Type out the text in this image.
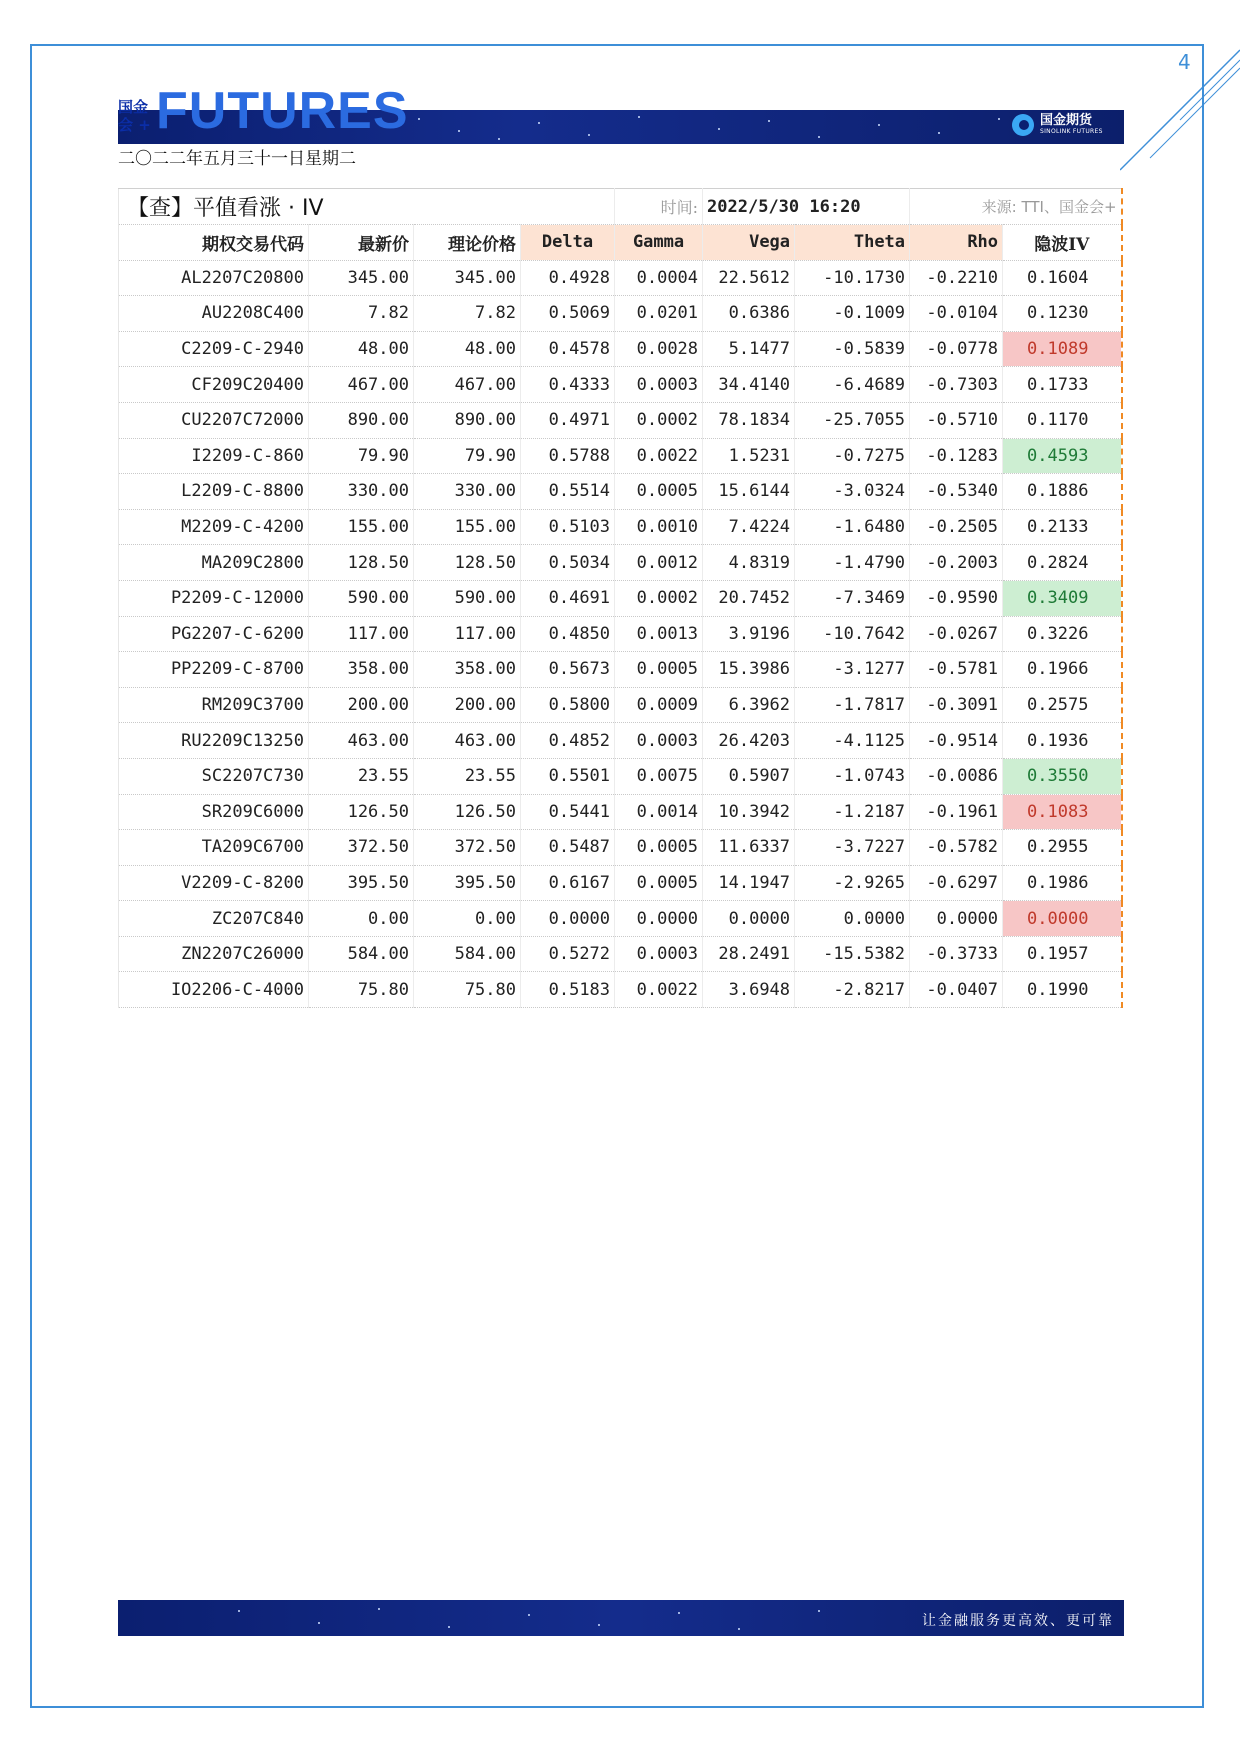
4
国金
会 + FUTURES	国金期货
SINOLINK FUTURES
二〇二二年五月三十一日星期二
【查】平值看涨 · IV				时间:	2022/5/30 16:20		来源: TTI、国金会+	
期权交易代码	最新价	理论价格	Delta	Gamma	Vega	Theta	Rho	隐波IV
AL2207C20800	345.00	345.00	0.4928	0.0004	22.5612	-10.1730	-0.2210	0.1604
AU2208C400	7.82	7.82	0.5069	0.0201	0.6386	-0.1009	-0.0104	0.1230
C2209-C-2940	48.00	48.00	0.4578	0.0028	5.1477	-0.5839	-0.0778	0.1089
CF209C20400	467.00	467.00	0.4333	0.0003	34.4140	-6.4689	-0.7303	0.1733
CU2207C72000	890.00	890.00	0.4971	0.0002	78.1834	-25.7055	-0.5710	0.1170
I2209-C-860	79.90	79.90	0.5788	0.0022	1.5231	-0.7275	-0.1283	0.4593
L2209-C-8800	330.00	330.00	0.5514	0.0005	15.6144	-3.0324	-0.5340	0.1886
M2209-C-4200	155.00	155.00	0.5103	0.0010	7.4224	-1.6480	-0.2505	0.2133
MA209C2800	128.50	128.50	0.5034	0.0012	4.8319	-1.4790	-0.2003	0.2824
P2209-C-12000	590.00	590.00	0.4691	0.0002	20.7452	-7.3469	-0.9590	0.3409
PG2207-C-6200	117.00	117.00	0.4850	0.0013	3.9196	-10.7642	-0.0267	0.3226
PP2209-C-8700	358.00	358.00	0.5673	0.0005	15.3986	-3.1277	-0.5781	0.1966
RM209C3700	200.00	200.00	0.5800	0.0009	6.3962	-1.7817	-0.3091	0.2575
RU2209C13250	463.00	463.00	0.4852	0.0003	26.4203	-4.1125	-0.9514	0.1936
SC2207C730	23.55	23.55	0.5501	0.0075	0.5907	-1.0743	-0.0086	0.3550
SR209C6000	126.50	126.50	0.5441	0.0014	10.3942	-1.2187	-0.1961	0.1083
TA209C6700	372.50	372.50	0.5487	0.0005	11.6337	-3.7227	-0.5782	0.2955
V2209-C-8200	395.50	395.50	0.6167	0.0005	14.1947	-2.9265	-0.6297	0.1986
ZC207C840	0.00	0.00	0.0000	0.0000	0.0000	0.0000	0.0000	0.0000
ZN2207C26000	584.00	584.00	0.5272	0.0003	28.2491	-15.5382	-0.3733	0.1957
IO2206-C-4000	75.80	75.80	0.5183	0.0022	3.6948	-2.8217	-0.0407	0.1990
让金融服务更高效、更可靠
